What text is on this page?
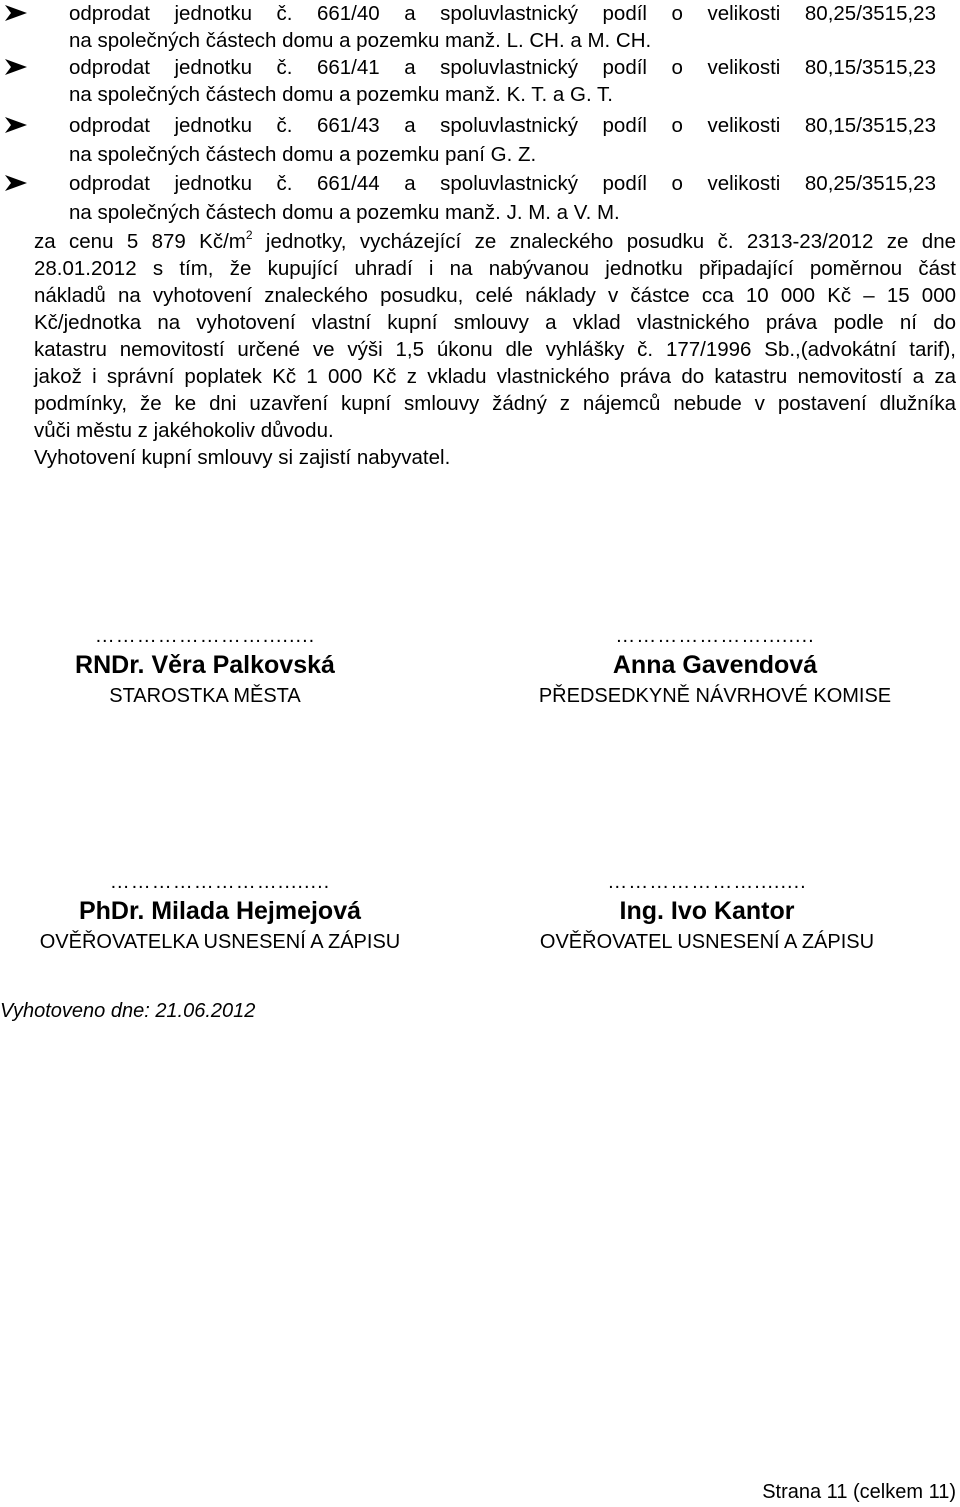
odprodat jednotku č. 661/40 a spoluvlastnický podíl o velikosti 80,25/3515,23
na společných částech domu a pozemku manž. L. CH. a M. CH.
odprodat jednotku č. 661/41 a spoluvlastnický podíl o velikosti 80,15/3515,23
na společných částech domu a pozemku manž. K. T. a G. T.
odprodat jednotku č. 661/43 a spoluvlastnický podíl o velikosti 80,15/3515,23
na společných částech domu a pozemku paní G. Z.
odprodat jednotku č. 661/44 a spoluvlastnický podíl o velikosti 80,25/3515,23
na společných částech domu a pozemku manž. J. M. a V. M.
za cenu 5 879 $Kč/m^2$ jednotky, vycházející ze znaleckého posudku č. 2313-23/2012 ze dne
28.01.2012 s tím, že kupující uhradí i na nabývanou jednotku připadající poměrnou část
nákladů na vyhotovení znaleckého posudku, celé náklady v částce cca 10 000 Kč – 15 000
Kč/jednotka na vyhotovení vlastní kupní smlouvy a vklad vlastnického práva podle ní do
katastru nemovitostí určené ve výši 1,5 úkonu dle vyhlášky č. 177/1996 Sb.,(advokátní tarif),
jakož i správní poplatek Kč 1 000 Kč z vkladu vlastnického práva do katastru nemovitostí a za
podmínky, že ke dni uzavření kupní smlouvy žádný z nájemců nebude v postavení dlužníka
vůči městu z jakéhokoliv důvodu.
Vyhotovení kupní smlouvy si zajistí nabyvatel.
……………………........
RNDr. Věra Palkovská
STAROSTKA MĚSTA
…………………........
Anna Gavendová
PŘEDSEDKYNĚ NÁVRHOVÉ KOMISE
……………………........
PhDr. Milada Hejmejová
OVĚŘOVATELKA USNESENÍ A ZÁPISU
…………………........
Ing. Ivo Kantor
OVĚŘOVATEL USNESENÍ A ZÁPISU
Vyhotoveno dne: 21.06.2012
Strana 11 (celkem 11)
